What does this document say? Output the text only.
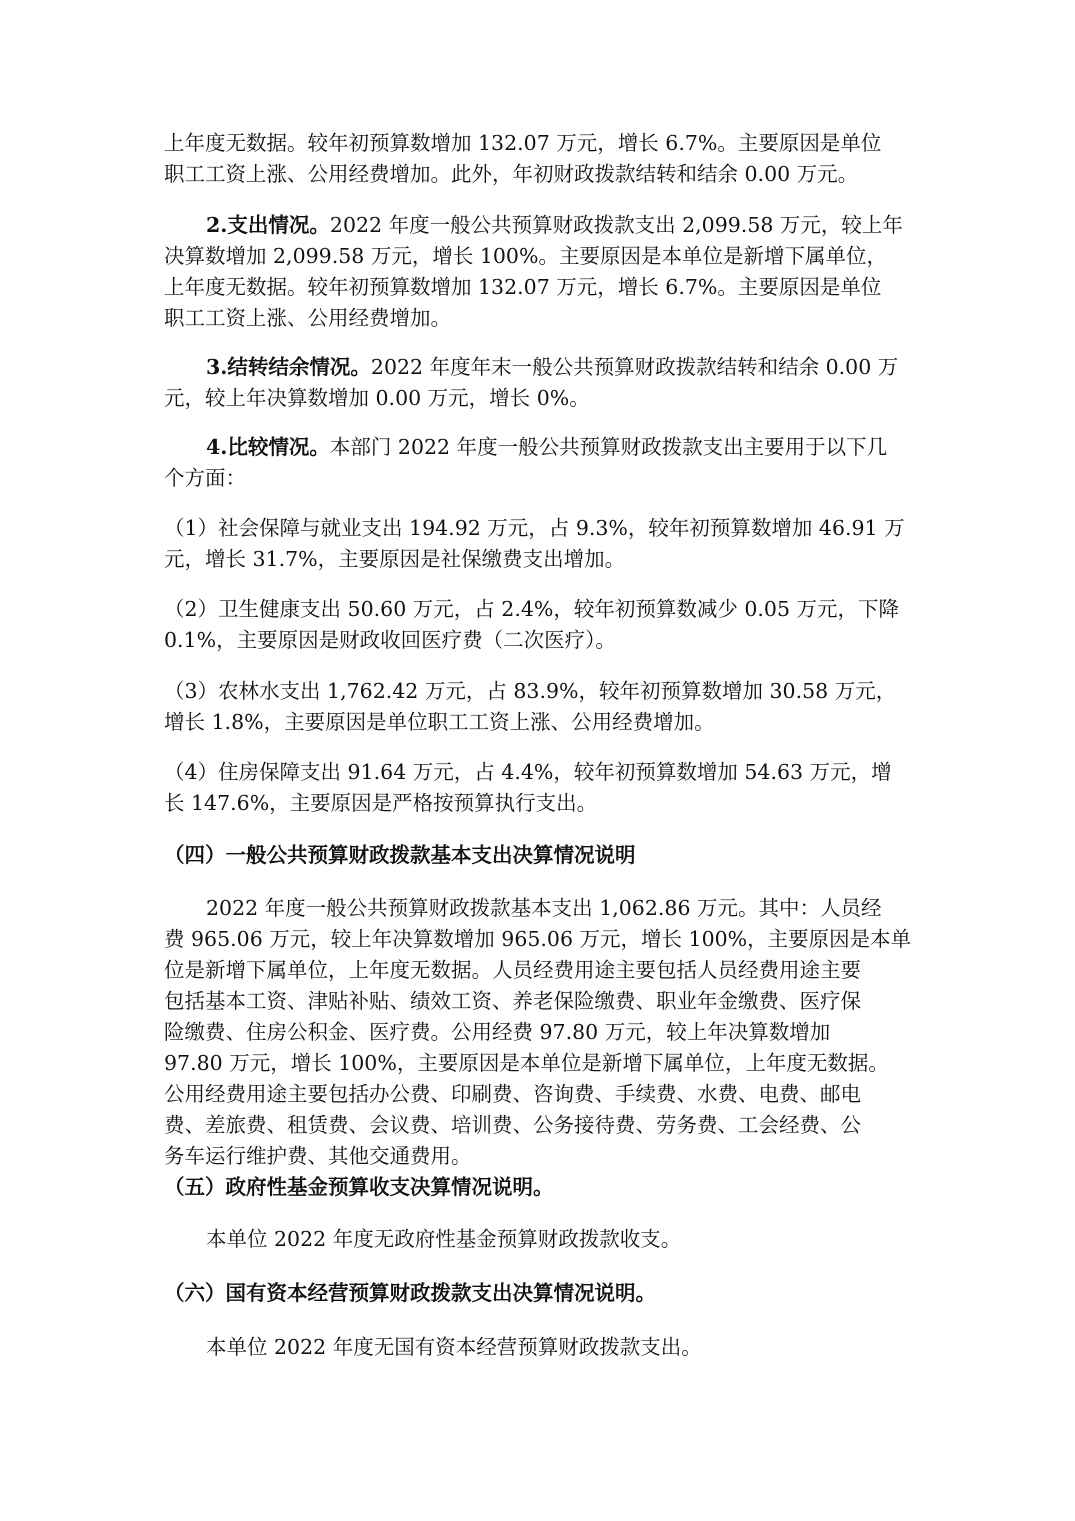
上年度无数据。较年初预算数增加 132.07 万元，增长 6.7%。主要原因是单位
职工工资上涨、公用经费增加。此外，年初财政拨款结转和结余 0.00 万元。
2.支出情况。2022 年度一般公共预算财政拨款支出 2,099.58 万元，较上年
决算数增加 2,099.58 万元，增长 100%。主要原因是本单位是新增下属单位，
上年度无数据。较年初预算数增加 132.07 万元，增长 6.7%。主要原因是单位
职工工资上涨、公用经费增加。
3.结转结余情况。2022 年度年末一般公共预算财政拨款结转和结余 0.00 万
元，较上年决算数增加 0.00 万元，增长 0%。
4.比较情况。本部门 2022 年度一般公共预算财政拨款支出主要用于以下几
个方面：
（1）社会保障与就业支出 194.92 万元，占 9.3%，较年初预算数增加 46.91 万
元，增长 31.7%，主要原因是社保缴费支出增加。
（2）卫生健康支出 50.60 万元，占 2.4%，较年初预算数减少 0.05 万元，下降
0.1%，主要原因是财政收回医疗费（二次医疗）。
（3）农林水支出 1,762.42 万元，占 83.9%，较年初预算数增加 30.58 万元，
增长 1.8%，主要原因是单位职工工资上涨、公用经费增加。
（4）住房保障支出 91.64 万元，占 4.4%，较年初预算数增加 54.63 万元，增
长 147.6%，主要原因是严格按预算执行支出。
（四）一般公共预算财政拨款基本支出决算情况说明
2022 年度一般公共预算财政拨款基本支出 1,062.86 万元。其中：人员经
费 965.06 万元，较上年决算数增加 965.06 万元，增长 100%，主要原因是本单
位是新增下属单位，上年度无数据。人员经费用途主要包括人员经费用途主要
包括基本工资、津贴补贴、绩效工资、养老保险缴费、职业年金缴费、医疗保
险缴费、住房公积金、医疗费。公用经费 97.80 万元，较上年决算数增加
97.80 万元，增长 100%，主要原因是本单位是新增下属单位，上年度无数据。
公用经费用途主要包括办公费、印刷费、咨询费、手续费、水费、电费、邮电
费、差旅费、租赁费、会议费、培训费、公务接待费、劳务费、工会经费、公
务车运行维护费、其他交通费用。
（五）政府性基金预算收支决算情况说明。
本单位 2022 年度无政府性基金预算财政拨款收支。
（六）国有资本经营预算财政拨款支出决算情况说明。
本单位 2022 年度无国有资本经营预算财政拨款支出。
